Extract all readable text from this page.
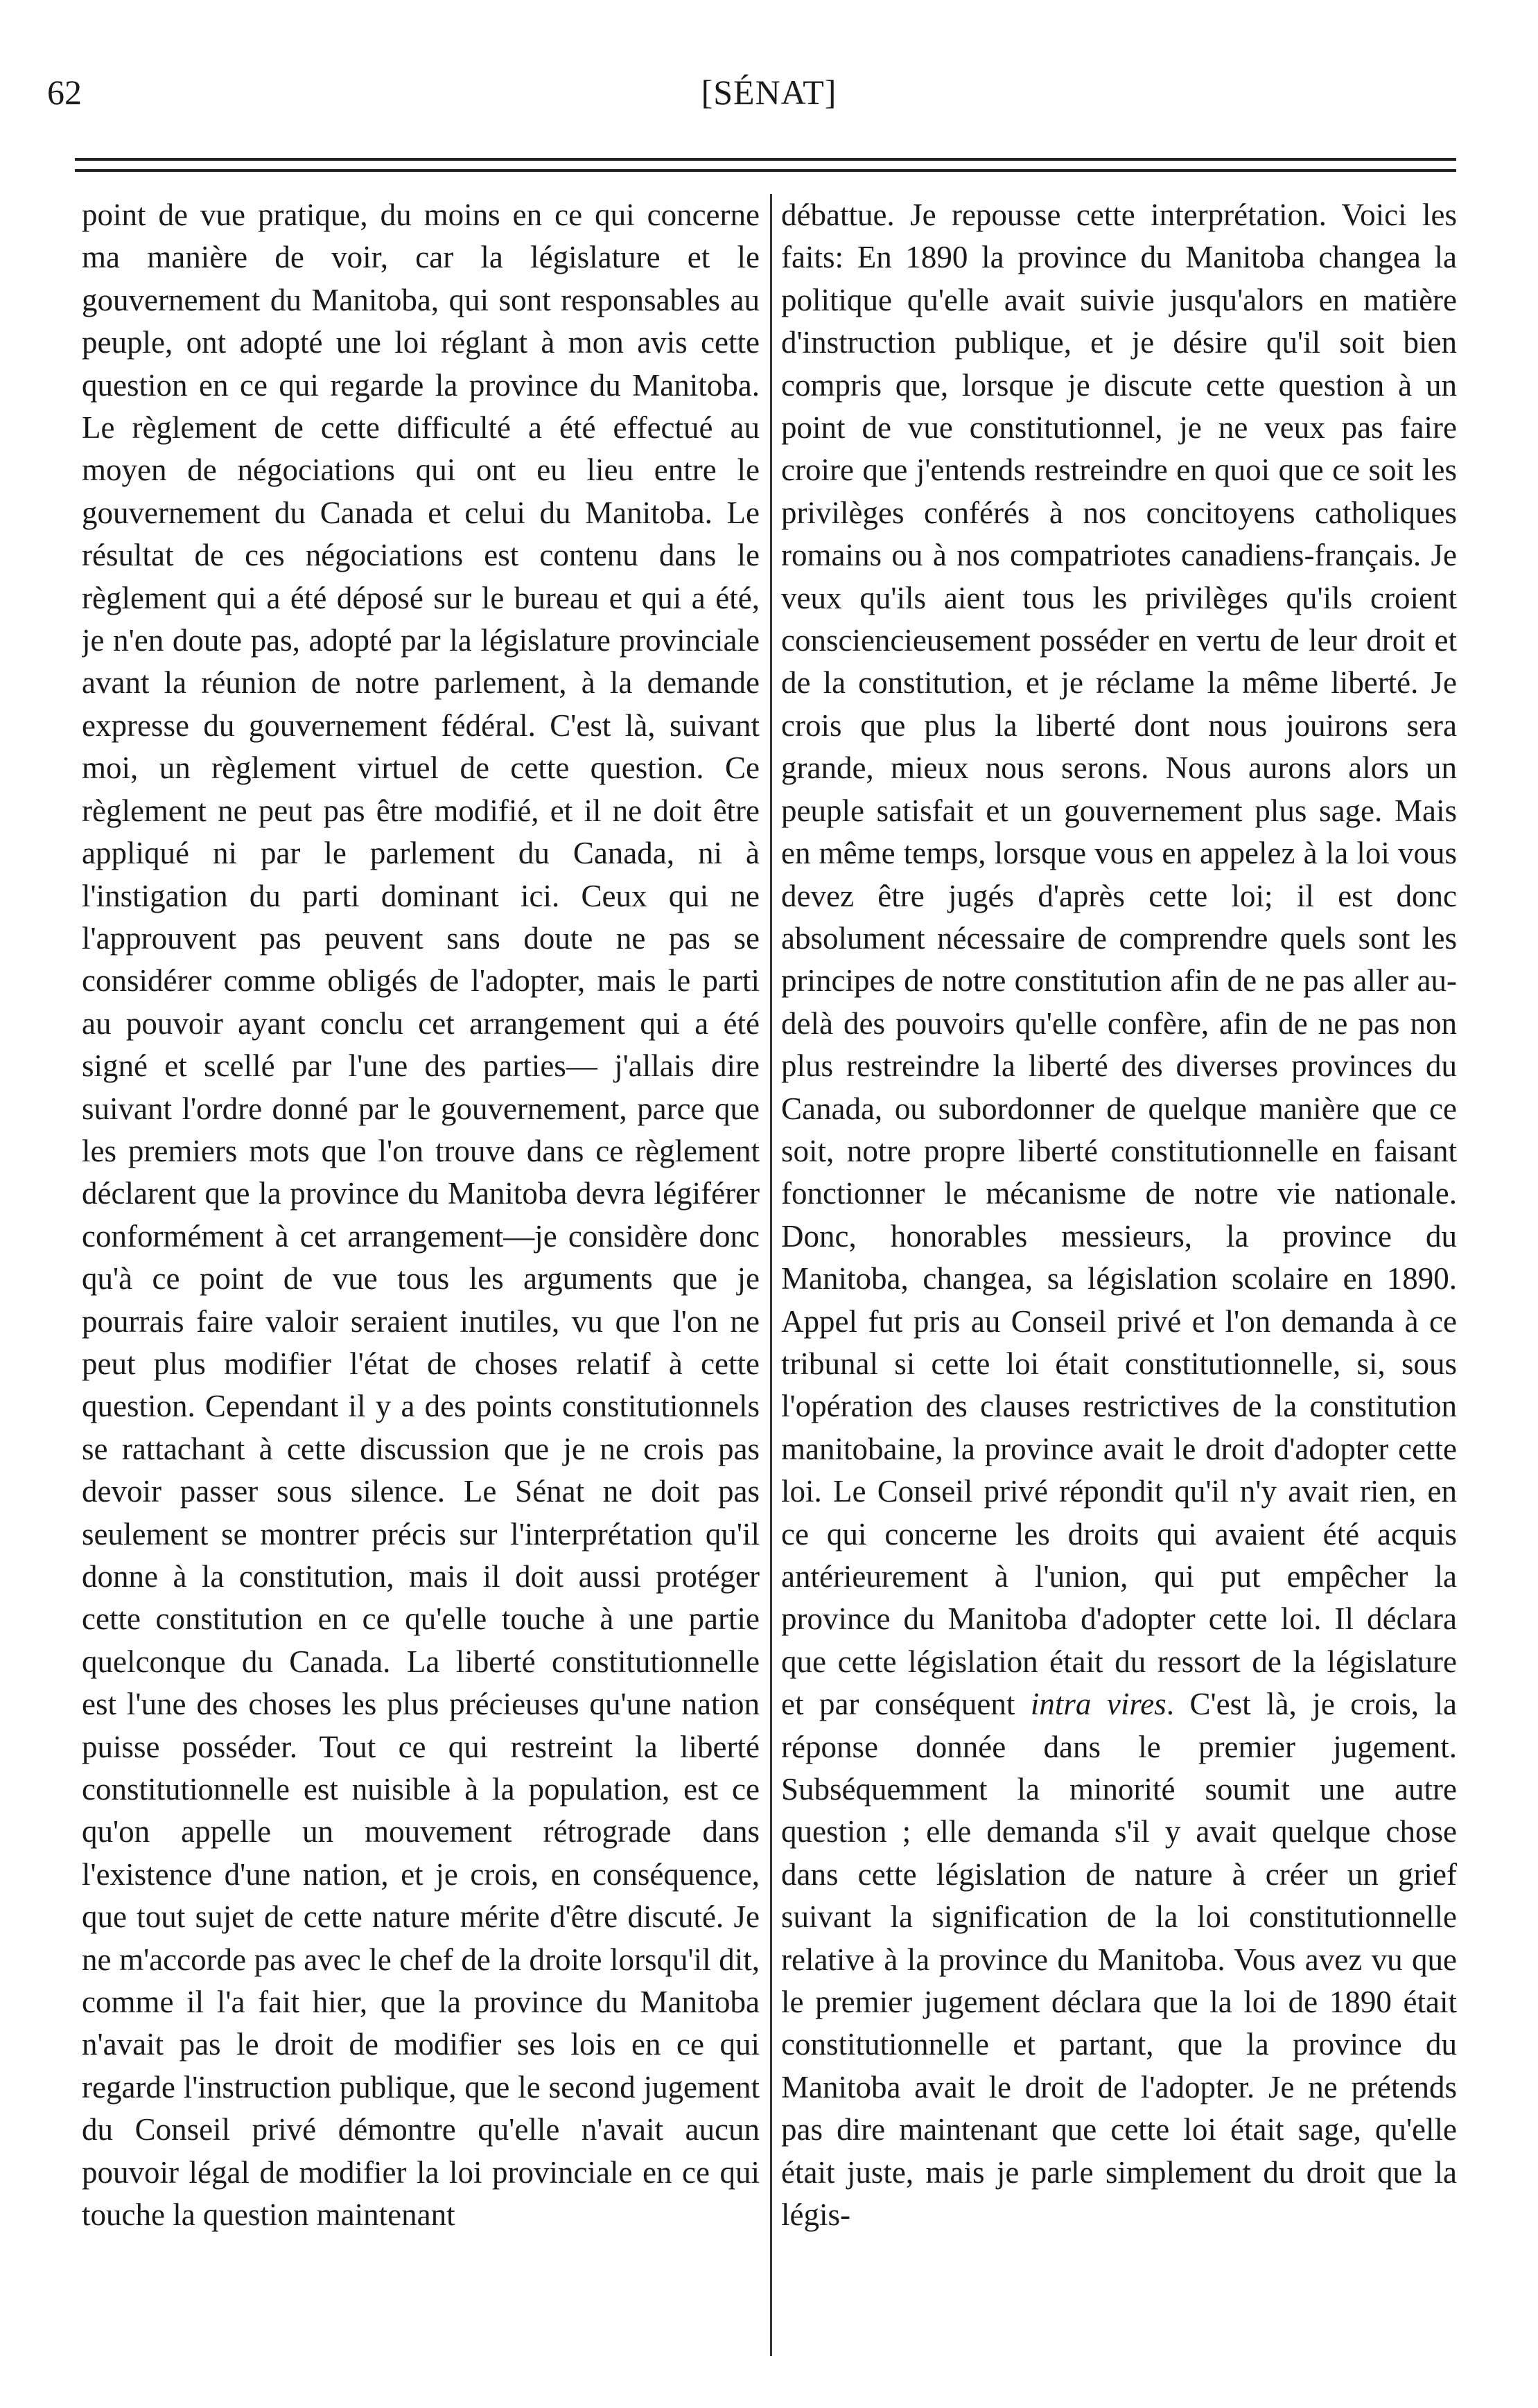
62	[SÉNAT]

point de vue pratique, du moins en ce qui concerne ma manière de voir, car la législature et le gouvernement du Manitoba, qui sont responsables au peuple, ont adopté une loi réglant à mon avis cette question en ce qui regarde la province du Manitoba. Le règlement de cette difficulté a été effectué au moyen de négociations qui ont eu lieu entre le gouvernement du Canada et celui du Manitoba. Le résultat de ces négociations est contenu dans le règlement qui a été déposé sur le bureau et qui a été, je n'en doute pas, adopté par la législature provinciale avant la réunion de notre parlement, à la demande expresse du gouvernement fédéral. C'est là, suivant moi, un règlement virtuel de cette question. Ce règlement ne peut pas être modifié, et il ne doit être appliqué ni par le parlement du Canada, ni à l'instigation du parti dominant ici. Ceux qui ne l'approuvent pas peuvent sans doute ne pas se considérer comme obligés de l'adopter, mais le parti au pouvoir ayant conclu cet arrangement qui a été signé et scellé par l'une des parties— j'allais dire suivant l'ordre donné par le gouvernement, parce que les premiers mots que l'on trouve dans ce règlement déclarent que la province du Manitoba devra légiférer conformément à cet arrangement—je considère donc qu'à ce point de vue tous les arguments que je pourrais faire valoir seraient inutiles, vu que l'on ne peut plus modifier l'état de choses relatif à cette question. Cependant il y a des points constitutionnels se rattachant à cette discussion que je ne crois pas devoir passer sous silence. Le Sénat ne doit pas seulement se montrer précis sur l'interprétation qu'il donne à la constitution, mais il doit aussi protéger cette constitution en ce qu'elle touche à une partie quelconque du Canada. La liberté constitutionnelle est l'une des choses les plus précieuses qu'une nation puisse posséder. Tout ce qui restreint la liberté constitutionnelle est nuisible à la population, est ce qu'on appelle un mouvement rétrograde dans l'existence d'une nation, et je crois, en conséquence, que tout sujet de cette nature mérite d'être discuté. Je ne m'accorde pas avec le chef de la droite lorsqu'il dit, comme il l'a fait hier, que la province du Manitoba n'avait pas le droit de modifier ses lois en ce qui regarde l'instruction publique, que le second jugement du Conseil privé démontre qu'elle n'avait aucun pouvoir légal de modifier la loi provinciale en ce qui touche la question maintenant

débattue. Je repousse cette interprétation. Voici les faits: En 1890 la province du Manitoba changea la politique qu'elle avait suivie jusqu'alors en matière d'instruction publique, et je désire qu'il soit bien compris que, lorsque je discute cette question à un point de vue constitutionnel, je ne veux pas faire croire que j'entends restreindre en quoi que ce soit les privilèges conférés à nos concitoyens catholiques romains ou à nos compatriotes canadiens-français. Je veux qu'ils aient tous les privilèges qu'ils croient consciencieusement posséder en vertu de leur droit et de la constitution, et je réclame la même liberté. Je crois que plus la liberté dont nous jouirons sera grande, mieux nous serons. Nous aurons alors un peuple satisfait et un gouvernement plus sage. Mais en même temps, lorsque vous en appelez à la loi vous devez être jugés d'après cette loi; il est donc absolument nécessaire de comprendre quels sont les principes de notre constitution afin de ne pas aller au-delà des pouvoirs qu'elle confère, afin de ne pas non plus restreindre la liberté des diverses provinces du Canada, ou subordonner de quelque manière que ce soit, notre propre liberté constitutionnelle en faisant fonctionner le mécanisme de notre vie nationale. Donc, honorables messieurs, la province du Manitoba, changea, sa législation scolaire en 1890. Appel fut pris au Conseil privé et l'on demanda à ce tribunal si cette loi était constitutionnelle, si, sous l'opération des clauses restrictives de la constitution manitobaine, la province avait le droit d'adopter cette loi. Le Conseil privé répondit qu'il n'y avait rien, en ce qui concerne les droits qui avaient été acquis antérieurement à l'union, qui put empêcher la province du Manitoba d'adopter cette loi. Il déclara que cette législation était du ressort de la législature et par conséquent intra vires. C'est là, je crois, la réponse donnée dans le premier jugement. Subséquemment la minorité soumit une autre question ; elle demanda s'il y avait quelque chose dans cette législation de nature à créer un grief suivant la signification de la loi constitutionnelle relative à la province du Manitoba. Vous avez vu que le premier jugement déclara que la loi de 1890 était constitutionnelle et partant, que la province du Manitoba avait le droit de l'adopter. Je ne prétends pas dire maintenant que cette loi était sage, qu'elle était juste, mais je parle simplement du droit que la légis-
